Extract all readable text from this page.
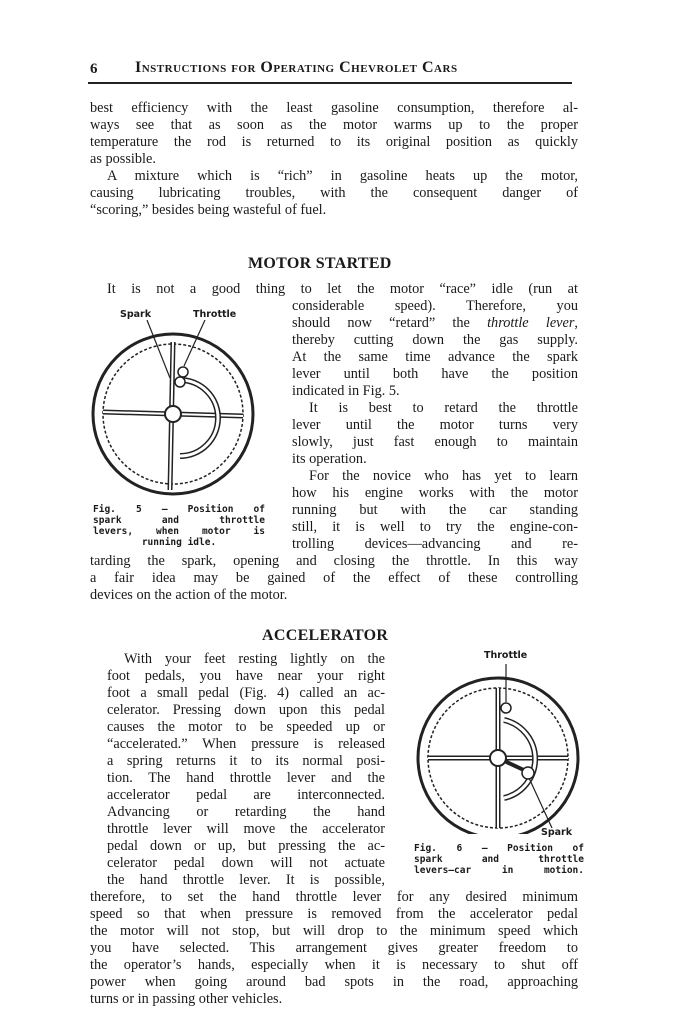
6 Instructions for Operating Chevrolet Cars
best efficiency with the least gasoline consumption, therefore al-
ways see that as soon as the motor warms up to the proper
temperature the rod is returned to its original position as quickly
as possible.
A mixture which is “rich” in gasoline heats up the motor,
causing lubricating troubles, with the consequent danger of
“scoring,” besides being wasteful of fuel.
MOTOR STARTED
It is not a good thing to let the motor “race” idle (run at
considerable speed). Therefore, you
should now “retard” the throttle lever,
thereby cutting down the gas supply.
At the same time advance the spark
lever until both have the position
indicated in Fig. 5.
It is best to retard the throttle
lever until the motor turns very
slowly, just fast enough to maintain
its operation.
For the novice who has yet to learn
how his engine works with the motor
running but with the car standing
still, it is well to try the engine-con-
trolling devices—advancing and re-
tarding the spark, opening and closing the throttle. In this way
a fair idea may be gained of the effect of these controlling
devices on the action of the motor.
Spark	Throttle
Fig. 5 — Position of
spark and throttle
levers, when motor is
running idle.
ACCELERATOR
With your feet resting lightly on the
foot pedals, you have near your right
foot a small pedal (Fig. 4) called an ac-
celerator. Pressing down upon this pedal
causes the motor to be speeded up or
“accelerated.” When pressure is released
a spring returns it to its normal posi-
tion. The hand throttle lever and the
accelerator pedal are interconnected.
Advancing or retarding the hand
throttle lever will move the accelerator
pedal down or up, but pressing the ac-
celerator pedal down will not actuate
the hand throttle lever. It is possible,
therefore, to set the hand throttle lever for any desired minimum
speed so that when pressure is removed from the accelerator pedal
the motor will not stop, but will drop to the minimum speed which
you have selected. This arrangement gives greater freedom to
the operator’s hands, especially when it is necessary to shut off
power when going around bad spots in the road, approaching
turns or in passing other vehicles.
Throttle
Spark
Fig. 6 — Position of
spark and throttle
levers—car in motion.
